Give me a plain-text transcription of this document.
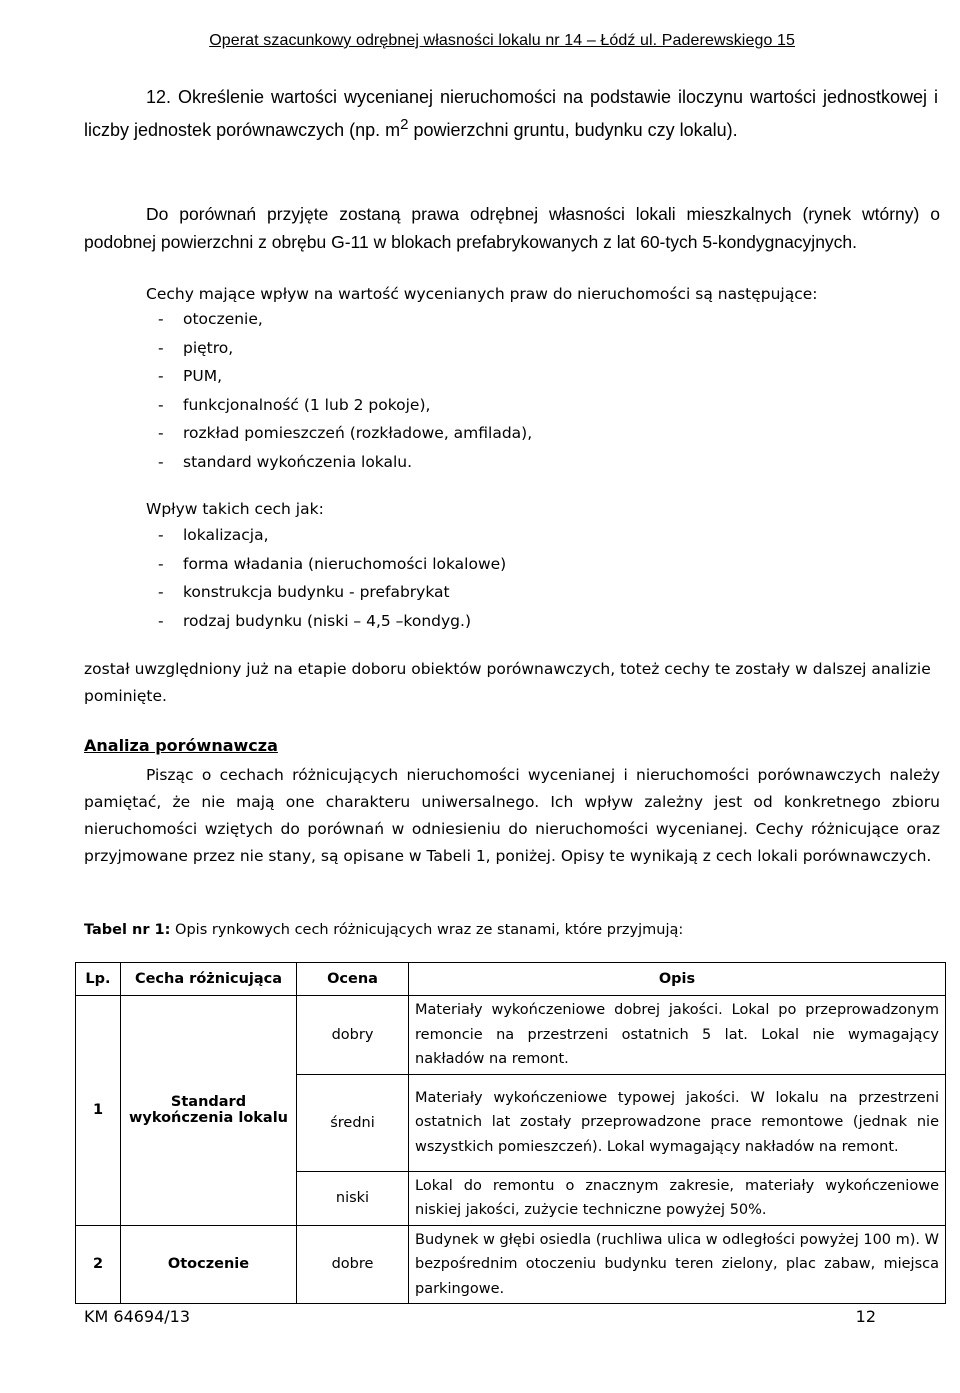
Operat szacunkowy odrębnej własności lokalu nr 14 – Łódź ul. Paderewskiego 15
12. Określenie wartości wycenianej nieruchomości na podstawie iloczynu wartości jednostkowej i liczby jednostek porównawczych (np. $m^2$ powierzchni gruntu, budynku czy lokalu).
Do porównań przyjęte zostaną prawa odrębnej własności lokali mieszkalnych (rynek wtórny) o podobnej powierzchni z obrębu G-11 w blokach prefabrykowanych z lat 60-tych 5-kondygnacyjnych.
Cechy mające wpływ na wartość wycenianych praw do nieruchomości są następujące:
- otoczenie,
- piętro,
- PUM,
- funkcjonalność (1 lub 2 pokoje),
- rozkład pomieszczeń (rozkładowe, amfilada),
- standard wykończenia lokalu.
Wpływ takich cech jak:
- lokalizacja,
- forma władania (nieruchomości lokalowe)
- konstrukcja budynku - prefabrykat
- rodzaj budynku (niski – 4,5 –kondyg.)
został uwzględniony już na etapie doboru obiektów porównawczych, toteż cechy te zostały w dalszej analizie pominięte.
Analiza porównawcza
Pisząc o cechach różnicujących nieruchomości wycenianej i nieruchomości porównawczych należy pamiętać, że nie mają one charakteru uniwersalnego. Ich wpływ zależny jest od konkretnego zbioru nieruchomości wziętych do porównań w odniesieniu do nieruchomości wycenianej. Cechy różnicujące oraz przyjmowane przez nie stany, są opisane w Tabeli 1, poniżej. Opisy te wynikają z cech lokali porównawczych.
Tabel nr 1: Opis rynkowych cech różnicujących wraz ze stanami, które przyjmują:
Lp.	Cecha różnicująca	Ocena	Opis
1	Standard wykończenia lokalu	dobry	Materiały wykończeniowe dobrej jakości. Lokal po przeprowadzonym remoncie na przestrzeni ostatnich 5 lat. Lokal nie wymagający nakładów na remont.
		średni	Materiały wykończeniowe typowej jakości. W lokalu na przestrzeni ostatnich lat zostały przeprowadzone prace remontowe (jednak nie wszystkich pomieszczeń). Lokal wymagający nakładów na remont.
		niski	Lokal do remontu o znacznym zakresie, materiały wykończeniowe niskiej jakości, zużycie techniczne powyżej 50%.
2	Otoczenie	dobre	Budynek w głębi osiedla (ruchliwa ulica w odległości powyżej 100 m). W bezpośrednim otoczeniu budynku teren zielony, plac zabaw, miejsca parkingowe.
KM 64694/13	12
